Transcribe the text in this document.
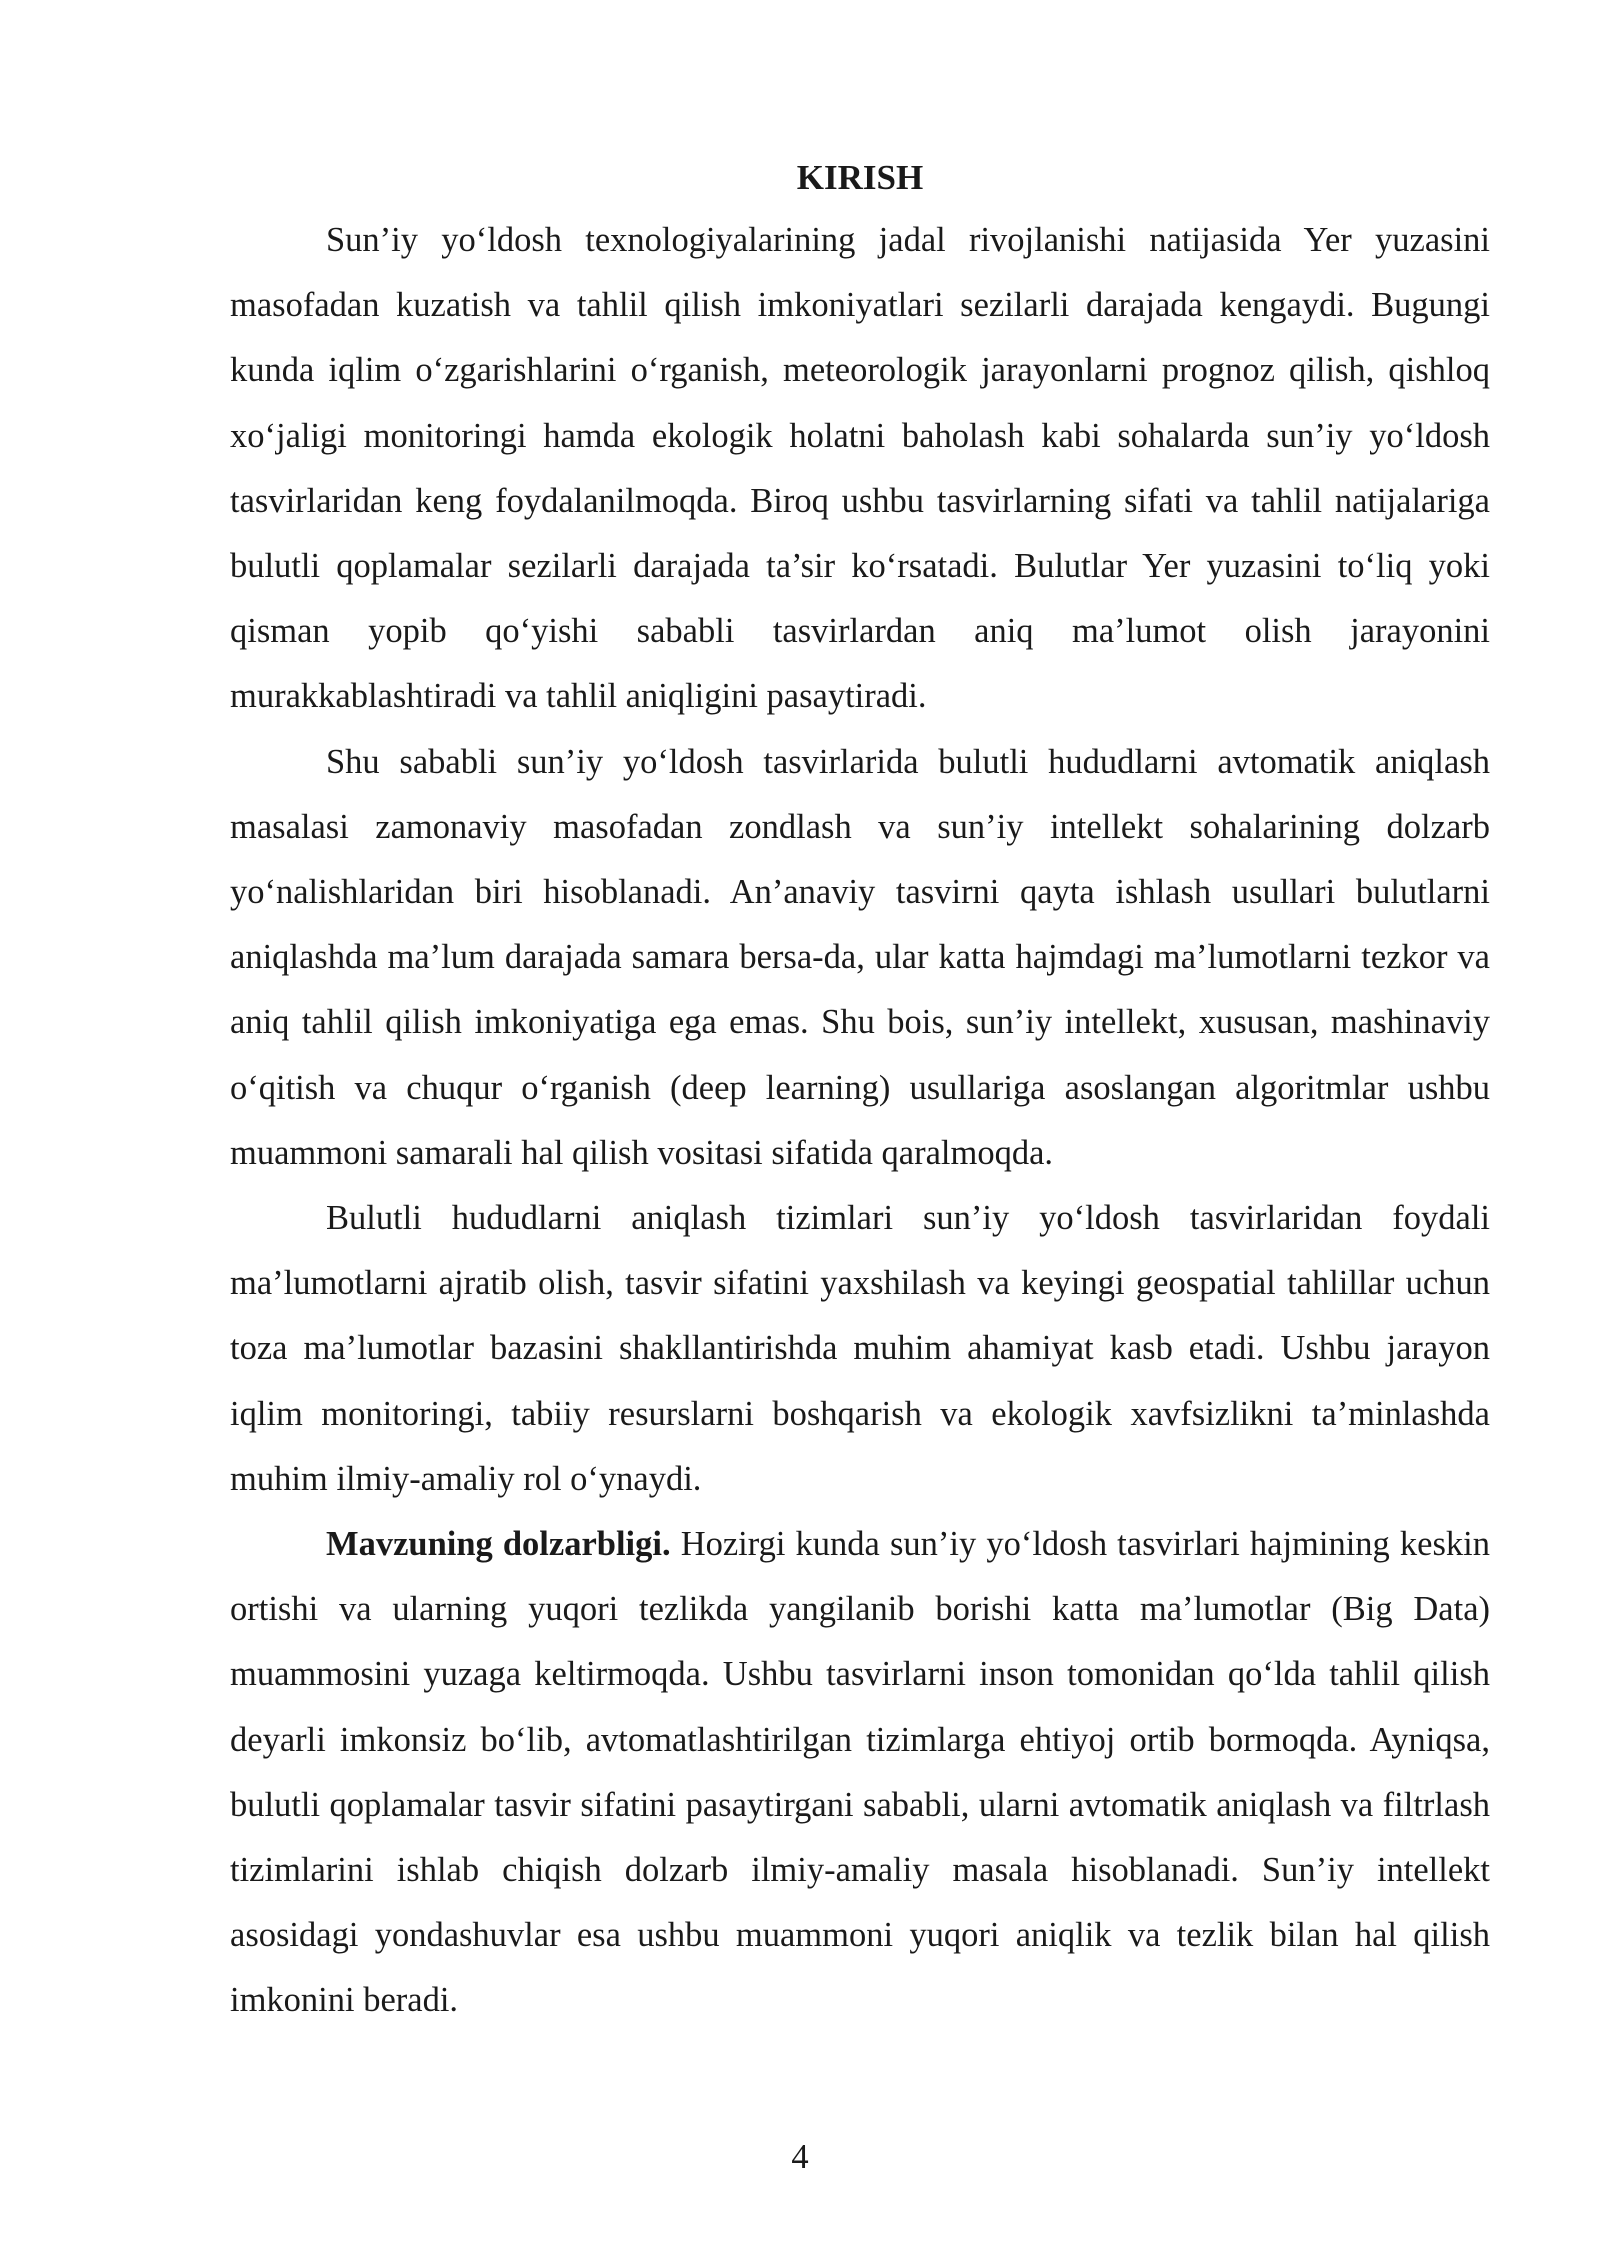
KIRISH

Sun’iy yo‘ldosh texnologiyalarining jadal rivojlanishi natijasida Yer yuzasini masofadan kuzatish va tahlil qilish imkoniyatlari sezilarli darajada kengaydi. Bugungi kunda iqlim o‘zgarishlarini o‘rganish, meteorologik jarayonlarni prognoz qilish, qishloq xo‘jaligi monitoringi hamda ekologik holatni baholash kabi sohalarda sun’iy yo‘ldosh tasvirlaridan keng foydalanilmoqda. Biroq ushbu tasvirlarning sifati va tahlil natijalariga bulutli qoplamalar sezilarli darajada ta’sir ko‘rsatadi. Bulutlar Yer yuzasini to‘liq yoki qisman yopib qo‘yishi sababli tasvirlardan aniq ma’lumot olish jarayonini murakkablashtiradi va tahlil aniqligini pasaytiradi.

Shu sababli sun’iy yo‘ldosh tasvirlarida bulutli hududlarni avtomatik aniqlash masalasi zamonaviy masofadan zondlash va sun’iy intellekt sohalarining dolzarb yo‘nalishlaridan biri hisoblanadi. An’anaviy tasvirni qayta ishlash usullari bulutlarni aniqlashda ma’lum darajada samara bersa-da, ular katta hajmdagi ma’lumotlarni tezkor va aniq tahlil qilish imkoniyatiga ega emas. Shu bois, sun’iy intellekt, xususan, mashinaviy o‘qitish va chuqur o‘rganish (deep learning) usullariga asoslangan algoritmlar ushbu muammoni samarali hal qilish vositasi sifatida qaralmoqda.

Bulutli hududlarni aniqlash tizimlari sun’iy yo‘ldosh tasvirlaridan foydali ma’lumotlarni ajratib olish, tasvir sifatini yaxshilash va keyingi geospatial tahlillar uchun toza ma’lumotlar bazasini shakllantirishda muhim ahamiyat kasb etadi. Ushbu jarayon iqlim monitoringi, tabiiy resurslarni boshqarish va ekologik xavfsizlikni ta’minlashda muhim ilmiy-amaliy rol o‘ynaydi.

Mavzuning dolzarbligi. Hozirgi kunda sun’iy yo‘ldosh tasvirlari hajmining keskin ortishi va ularning yuqori tezlikda yangilanib borishi katta ma’lumotlar (Big Data) muammosini yuzaga keltirmoqda. Ushbu tasvirlarni inson tomonidan qo‘lda tahlil qilish deyarli imkonsiz bo‘lib, avtomatlashtirilgan tizimlarga ehtiyoj ortib bormoqda. Ayniqsa, bulutli qoplamalar tasvir sifatini pasaytirgani sababli, ularni avtomatik aniqlash va filtrlash tizimlarini ishlab chiqish dolzarb ilmiy-amaliy masala hisoblanadi. Sun’iy intellekt asosidagi yondashuvlar esa ushbu muammoni yuqori aniqlik va tezlik bilan hal qilish imkonini beradi.

4
